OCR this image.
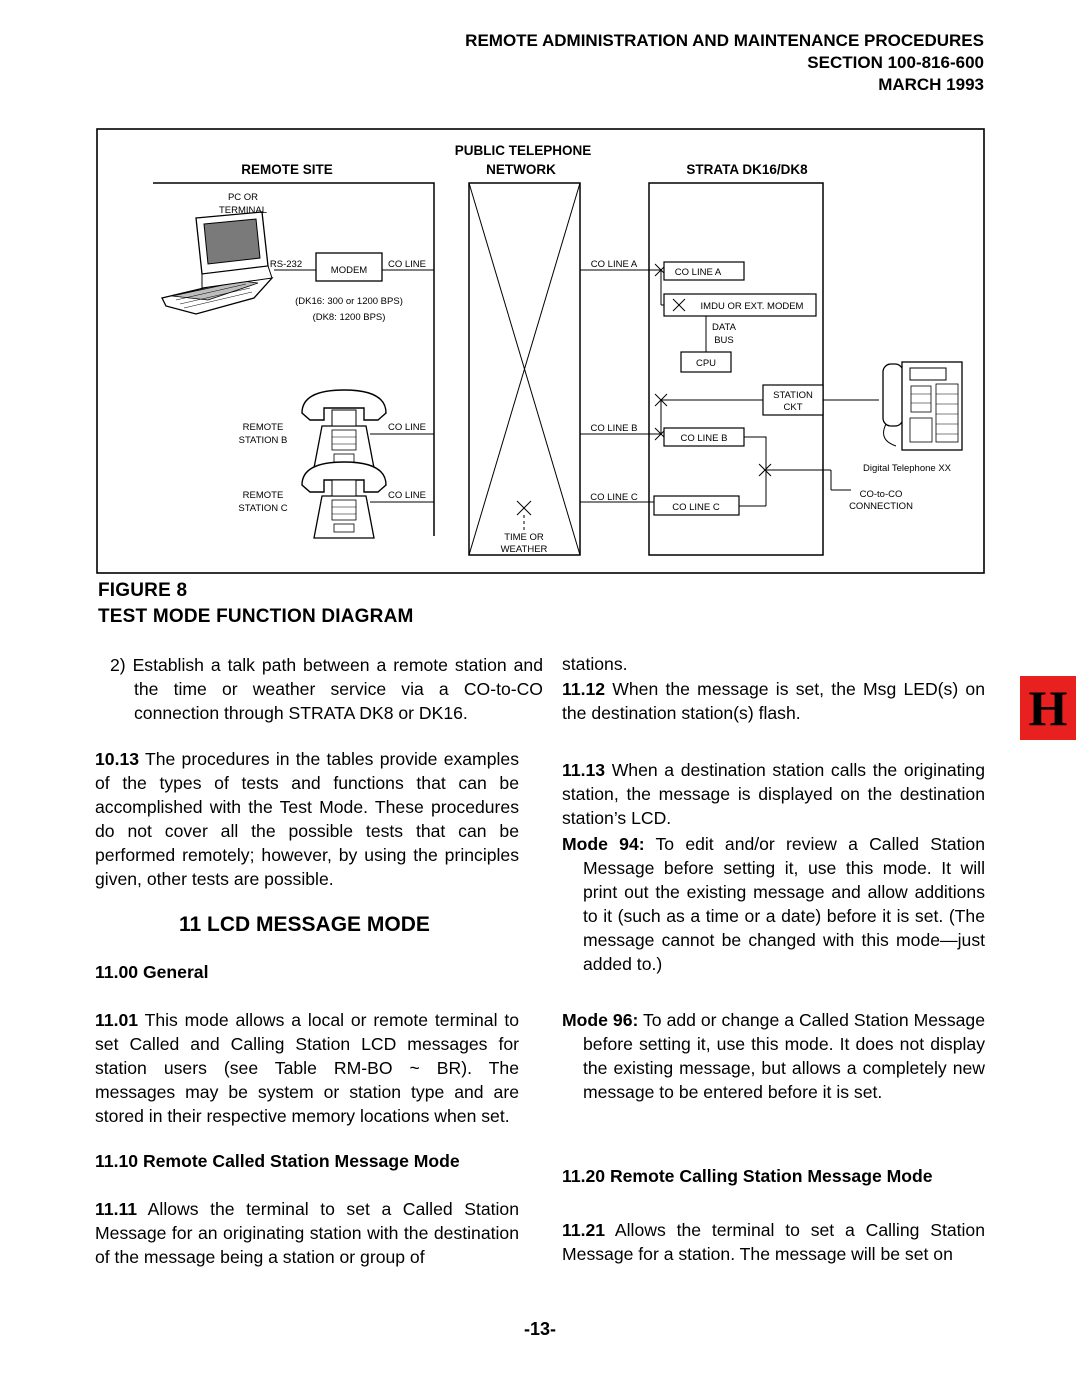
REMOTE ADMINISTRATION AND MAINTENANCE PROCEDURES
SECTION 100-816-600
MARCH 1993
PUBLIC TELEPHONE
NETWORK
REMOTE SITE	STRATA DK16/DK8
PC OR
TERMINAL
RS-232
MODEM
CO LINE
(DK16: 300 or 1200 BPS)
(DK8: 1200 BPS)
REMOTE
STATION B
CO LINE
REMOTE
STATION C
CO LINE
CO LINE A
CO LINE B
CO LINE C
TIME OR
WEATHER
CO LINE A
IMDU OR EXT. MODEM
DATA
BUS
CPU
STATION
CKT
CO LINE B
CO LINE C
Digital Telephone XX
CO-to-CO
CONNECTION
FIGURE 8
TEST MODE FUNCTION DIAGRAM

2) Establish a talk path between a remote station and the time or weather service via a CO-to-CO connection through STRATA DK8 or DK16.

10.13 The procedures in the tables provide examples of the types of tests and functions that can be accomplished with the Test Mode. These procedures do not cover all the possible tests that can be performed remotely; however, by using the principles given, other tests are possible.

11 LCD MESSAGE MODE
11.00 General

11.01 This mode allows a local or remote terminal to set Called and Calling Station LCD messages for station users (see Table RM-BO ~ BR). The messages may be system or station type and are stored in their respective memory locations when set.

11.10 Remote Called Station Message Mode

11.11 Allows the terminal to set a Called Station Message for an originating station with the destination of the message being a station or group of

stations.

11.12 When the message is set, the Msg LED(s) on the destination station(s) flash.

11.13 When a destination station calls the originating station, the message is displayed on the destination station’s LCD.

Mode 94: To edit and/or review a Called Station Message before setting it, use this mode. It will print out the existing message and allow additions to it (such as a time or a date) before it is set. (The message cannot be changed with this mode—just added to.)

Mode 96: To add or change a Called Station Message before setting it, use this mode. It does not display the existing message, but allows a completely new message to be entered before it is set.

11.20 Remote Calling Station Message Mode

11.21 Allows the terminal to set a Calling Station Message for a station. The message will be set on

H
-13-
